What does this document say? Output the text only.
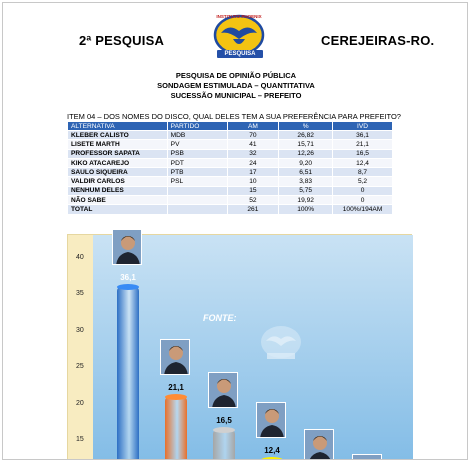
2ª PESQUISA	CEREJEIRAS-RO.
INSTITUTO PHOENIX
PESQUISA
PESQUISA DE OPINIÃO PÚBLICA
SONDAGEM ESTIMULADA – QUANTITATIVA
SUCESSÃO MUNICIPAL – PREFEITO
ITEM 04 – DOS NOMES DO DISCO, QUAL DELES TEM A SUA PREFERÊNCIA PARA PREFEITO?
ALTERNATIVA	PARTIDO	AM	%	IVD
KLEBER CALISTO	MDB	70	26,82	36,1
LISETE MARTH	PV	41	15,71	21,1
PROFESSOR SAPATA	PSB	32	12,26	16,5
KIKO ATACAREJO	PDT	24	9,20	12,4
SAULO SIQUEIRA	PTB	17	6,51	8,7
VALDIR CARLOS	PSL	10	3,83	5,2
NENHUM DELES		15	5,75	0
NÃO SABE		52	19,92	0
TOTAL		261	100%	100%/194AM
36,1
21,1
16,5
12,4
40
35
30
25
20
15
FONTE:
